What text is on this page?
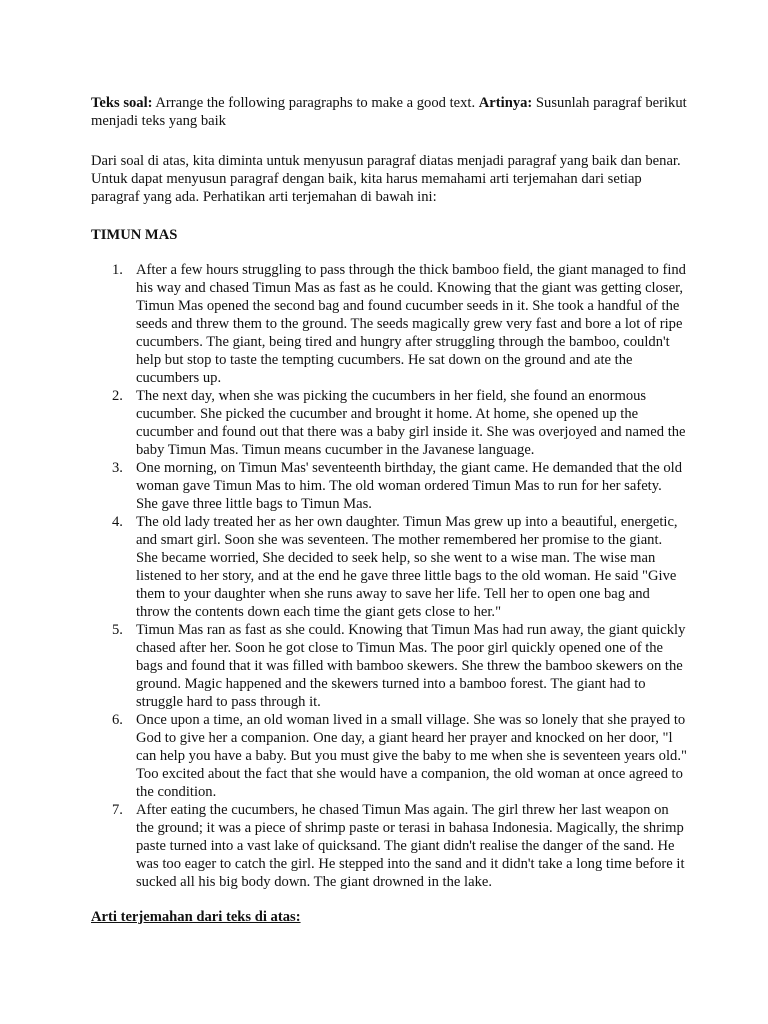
Teks soal: Arrange the following paragraphs to make a good text. Artinya: Susunlah paragraf berikut menjadi teks yang baik

Dari soal di atas, kita diminta untuk menyusun paragraf diatas menjadi paragraf yang baik dan benar. Untuk dapat menyusun paragraf dengan baik, kita harus memahami arti terjemahan dari setiap paragraf yang ada. Perhatikan arti terjemahan di bawah ini:

TIMUN MAS
1. After a few hours struggling to pass through the thick bamboo field, the giant managed to find his way and chased Timun Mas as fast as he could. Knowing that the giant was getting closer, Timun Mas opened the second bag and found cucumber seeds in it. She took a handful of the seeds and threw them to the ground. The seeds magically grew very fast and bore a lot of ripe cucumbers. The giant, being tired and hungry after struggling through the bamboo, couldn't help but stop to taste the tempting cucumbers. He sat down on the ground and ate the cucumbers up.
2. The next day, when she was picking the cucumbers in her field, she found an enormous cucumber. She picked the cucumber and brought it home. At home, she opened up the cucumber and found out that there was a baby girl inside it. She was overjoyed and named the baby Timun Mas. Timun means cucumber in the Javanese language.
3. One morning, on Timun Mas' seventeenth birthday, the giant came. He demanded that the old woman gave Timun Mas to him. The old woman ordered Timun Mas to run for her safety. She gave three little bags to Timun Mas.
4. The old lady treated her as her own daughter. Timun Mas grew up into a beautiful, energetic, and smart girl. Soon she was seventeen. The mother remembered her promise to the giant. She became worried, She decided to seek help, so she went to a wise man. The wise man listened to her story, and at the end he gave three little bags to the old woman. He said "Give them to your daughter when she runs away to save her life. Tell her to open one bag and throw the contents down each time the giant gets close to her."
5. Timun Mas ran as fast as she could. Knowing that Timun Mas had run away, the giant quickly chased after her. Soon he got close to Timun Mas. The poor girl quickly opened one of the bags and found that it was filled with bamboo skewers. She threw the bamboo skewers on the ground. Magic happened and the skewers turned into a bamboo forest. The giant had to struggle hard to pass through it.
6. Once upon a time, an old woman lived in a small village. She was so lonely that she prayed to God to give her a companion. One day, a giant heard her prayer and knocked on her door, "l can help you have a baby. But you must give the baby to me when she is seventeen years old." Too excited about the fact that she would have a companion, the old woman at once agreed to the condition.
7. After eating the cucumbers, he chased Timun Mas again. The girl threw her last weapon on the ground; it was a piece of shrimp paste or terasi in bahasa Indonesia. Magically, the shrimp paste turned into a vast lake of quicksand. The giant didn't realise the danger of the sand. He was too eager to catch the girl. He stepped into the sand and it didn't take a long time before it sucked all his big body down. The giant drowned in the lake.
Arti terjemahan dari teks di atas:
